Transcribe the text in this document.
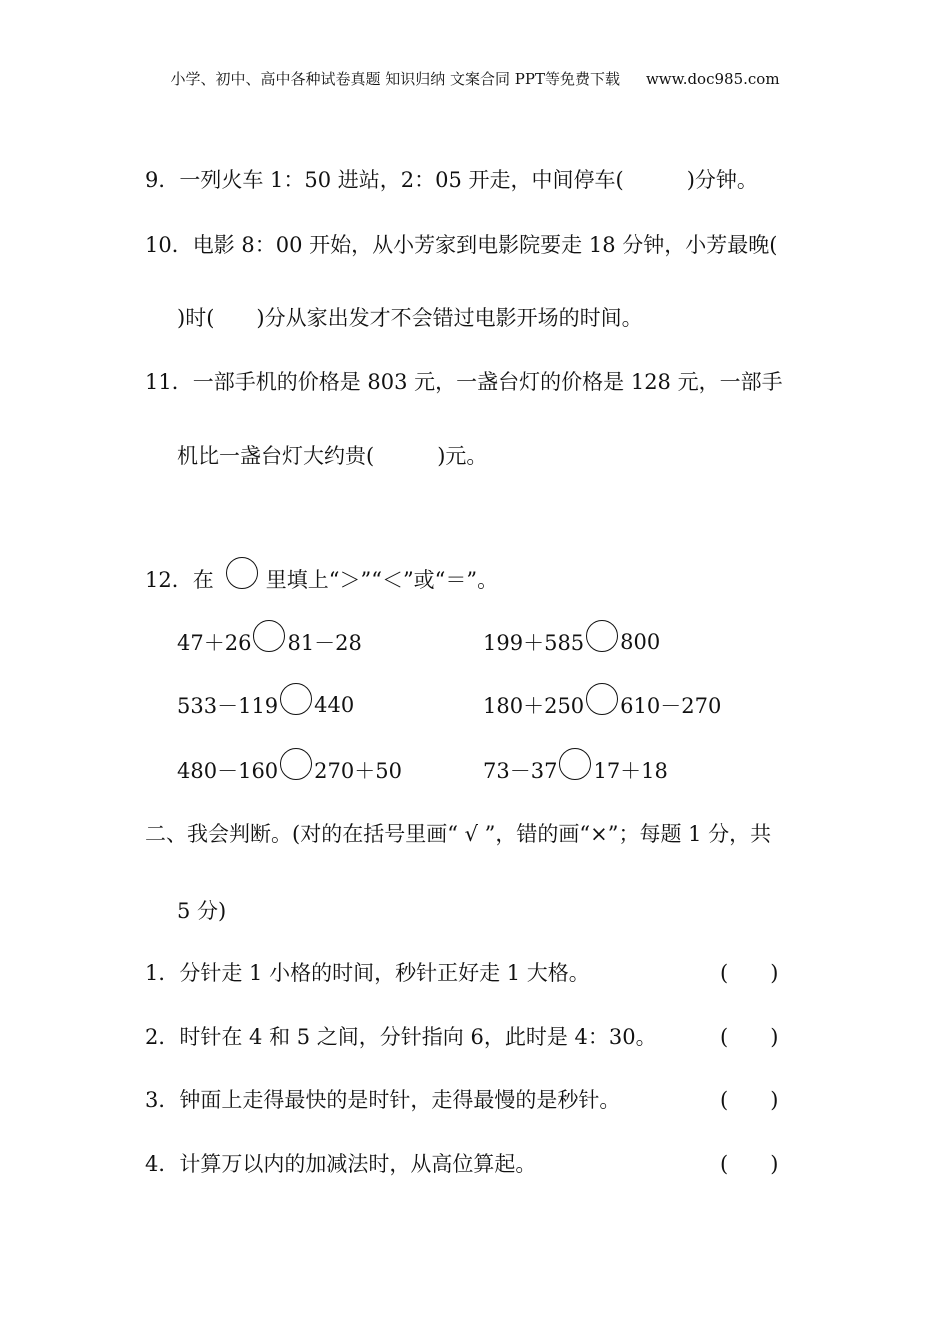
小学、初中、高中各种试卷真题 知识归纳 文案合同 PPT等免费下载 www.doc985.com
9．一列火车 1：50 进站，2：05 开走，中间停车(　　　)分钟。
10．电影 8：00 开始，从小芳家到电影院要走 18 分钟，小芳最晚(
)时(　　)分从家出发才不会错过电影开场的时间。
11．一部手机的价格是 803 元，一盏台灯的价格是 128 元，一部手
机比一盏台灯大约贵(　　　)元。
12．在 里填上“＞”“＜”或“＝”。
47＋26 81－28	199＋585 800
533－119 440	180＋250 610－270
480－160 270＋50	73－37 17＋18
二、我会判断。(对的在括号里画“ √ ”，错的画“×”；每题 1 分，共
5 分)
1．分针走 1 小格的时间，秒针正好走 1 大格。	(　　)
2．时针在 4 和 5 之间，分针指向 6，此时是 4：30。	(　　)
3．钟面上走得最快的是时针，走得最慢的是秒针。	(　　)
4．计算万以内的加减法时，从高位算起。	(　　)
